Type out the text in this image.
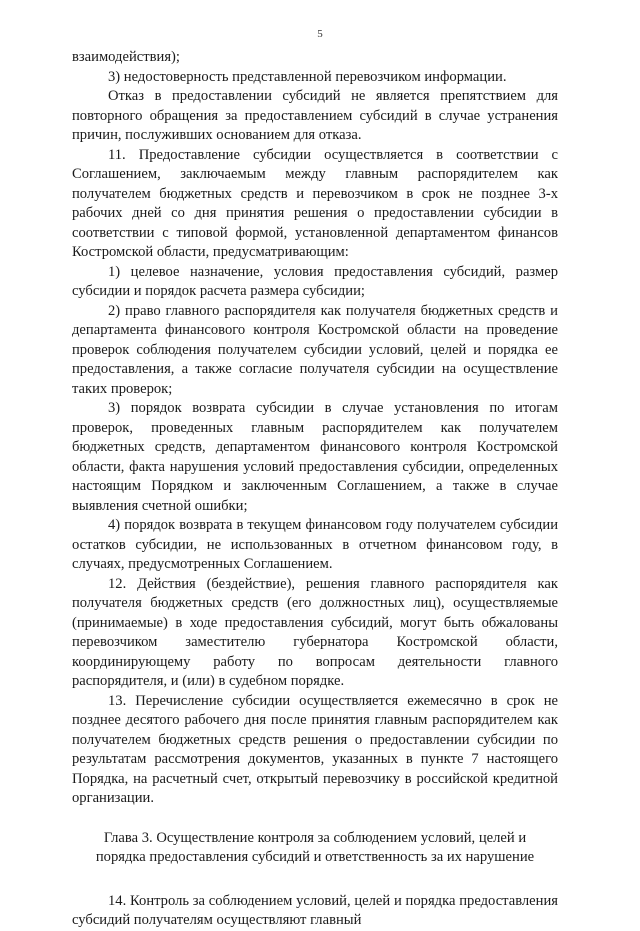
5

взаимодействия);

3) недостоверность представленной перевозчиком информации.

Отказ в предоставлении субсидий не является препятствием для повторного обращения за предоставлением субсидий в случае устранения причин, послуживших основанием для отказа.

11. Предоставление субсидии осуществляется в соответствии с Соглашением, заключаемым между главным распорядителем как получателем бюджетных средств и перевозчиком в срок не позднее 3-х рабочих дней со дня принятия решения о предоставлении субсидии в соответствии с типовой формой, установленной департаментом финансов Костромской области, предусматривающим:

1) целевое назначение, условия предоставления субсидий, размер субсидии и порядок расчета размера субсидии;

2) право главного распорядителя как получателя бюджетных средств и департамента финансового контроля Костромской области на проведение проверок соблюдения получателем субсидии условий, целей и порядка ее предоставления, а также согласие получателя субсидии на осуществление таких проверок;

3) порядок возврата субсидии в случае установления по итогам проверок, проведенных главным распорядителем как получателем бюджетных средств, департаментом финансового контроля Костромской области, факта нарушения условий предоставления субсидии, определенных настоящим Порядком и заключенным Соглашением, а также в случае выявления счетной ошибки;

4) порядок возврата в текущем финансовом году получателем субсидии остатков субсидии, не использованных в отчетном финансовом году, в случаях, предусмотренных Соглашением.

12. Действия (бездействие), решения главного распорядителя как получателя бюджетных средств (его должностных лиц), осуществляемые (принимаемые) в ходе предоставления субсидий, могут быть обжалованы перевозчиком заместителю губернатора Костромской области, координирующему работу по вопросам деятельности главного распорядителя, и (или) в судебном порядке.

13. Перечисление субсидии осуществляется ежемесячно в срок не позднее десятого рабочего дня после принятия главным распорядителем как получателем бюджетных средств решения о предоставлении субсидии по результатам рассмотрения документов, указанных в пункте 7 настоящего Порядка, на расчетный счет, открытый перевозчику в российской кредитной организации.

Глава 3. Осуществление контроля за соблюдением условий, целей и порядка предоставления субсидий и ответственность за их нарушение

14. Контроль за соблюдением условий, целей и порядка предоставления субсидий получателям осуществляют главный
